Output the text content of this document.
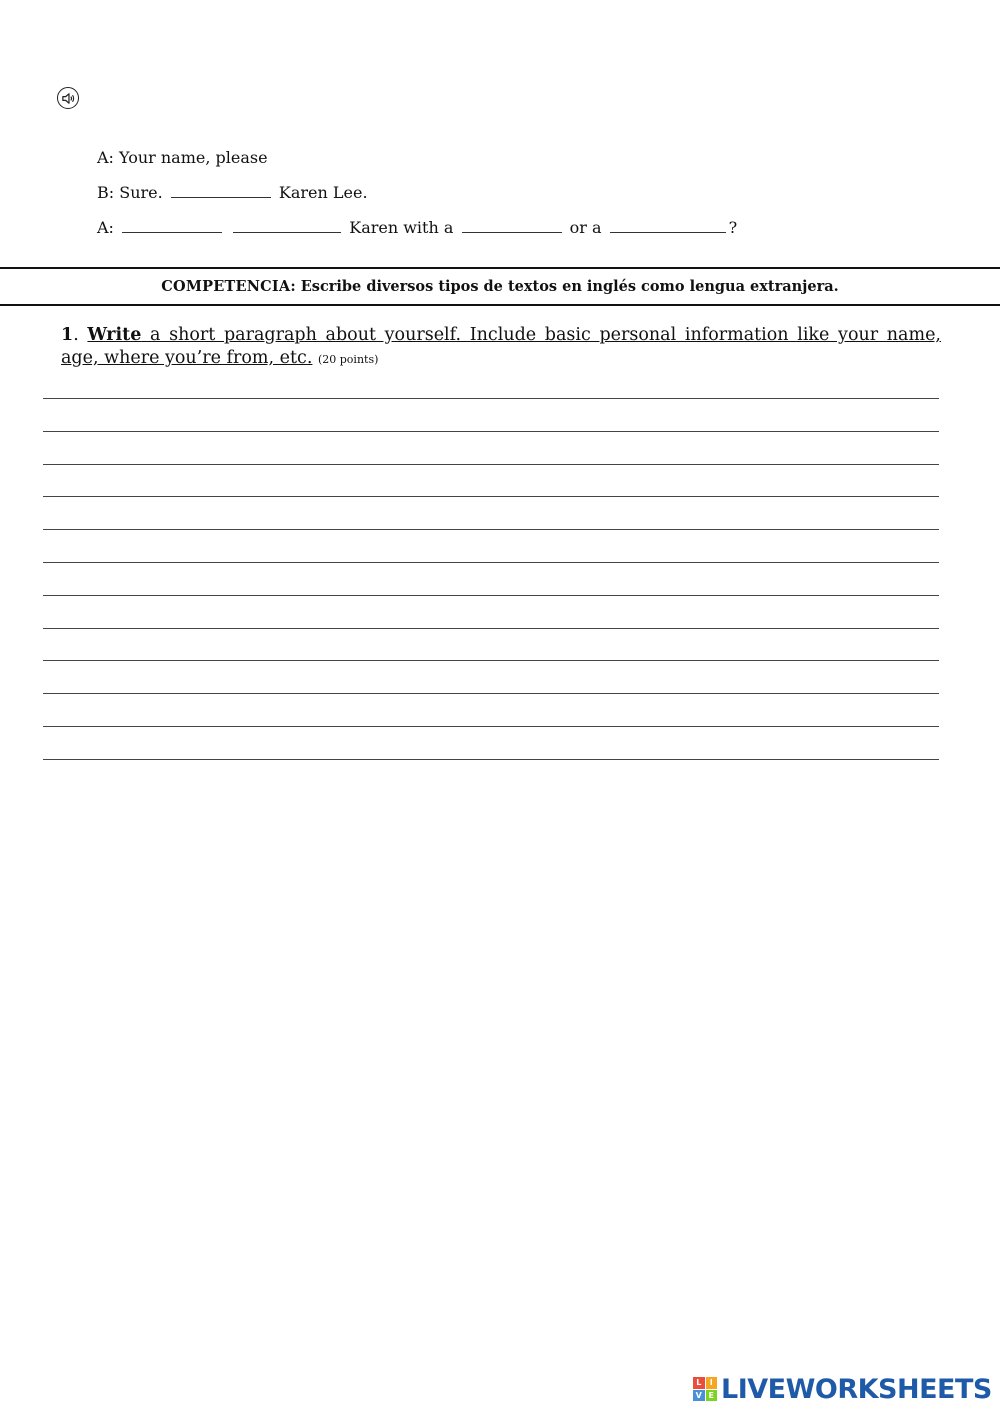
A: Your name, please
B: Sure.	Karen Lee.
A:	Karen with a	or a	?
COMPETENCIA: Escribe diversos tipos de textos en inglés como lengua extranjera.
1. Write a short paragraph about yourself. Include basic personal information like your name, age, where you’re from, etc. (20 points)
L	I
V E LIVEWORKSHEETS
